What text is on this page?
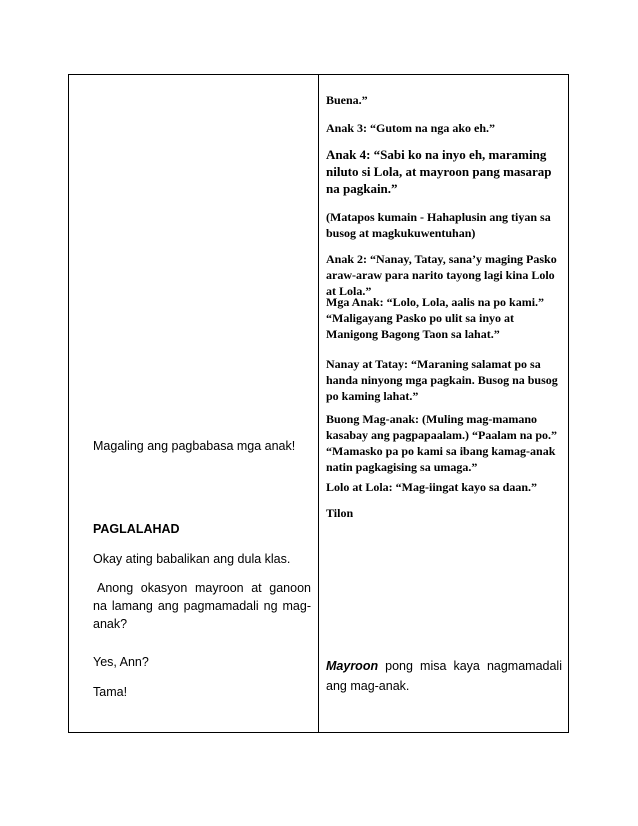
Buena.”

Anak 3: “Gutom na nga ako eh.”

Anak 4: “Sabi ko na inyo eh, maraming niluto si Lola, at mayroon pang masarap na pagkain.”

(Matapos kumain - Hahaplusin ang tiyan sa busog at magkukuwentuhan)

Anak 2: “Nanay, Tatay, sana’y maging Pasko araw-araw para narito tayong lagi kina Lolo at Lola.”

Mga Anak: “Lolo, Lola, aalis na po kami.” “Maligayang Pasko po ulit sa inyo at Manigong Bagong Taon sa lahat.”

Nanay at Tatay: “Maraning salamat po sa handa ninyong mga pagkain. Busog na busog po kaming lahat.”

Buong Mag-anak: (Muling mag-mamano kasabay ang pagpapaalam.) “Paalam na po.” “Mamasko pa po kami sa ibang kamag-anak natin pagkagising sa umaga.”

Lolo at Lola: “Mag-iingat kayo sa daan.”

Tilon

Magaling ang pagbabasa mga anak!

PAGLALAHAD

Okay ating babalikan ang dula klas.

Anong okasyon mayroon at ganoon na lamang ang pagmamadali ng mag-anak?

Yes, Ann?

Tama!

Mayroon pong misa kaya nagmamadali ang mag-anak.
